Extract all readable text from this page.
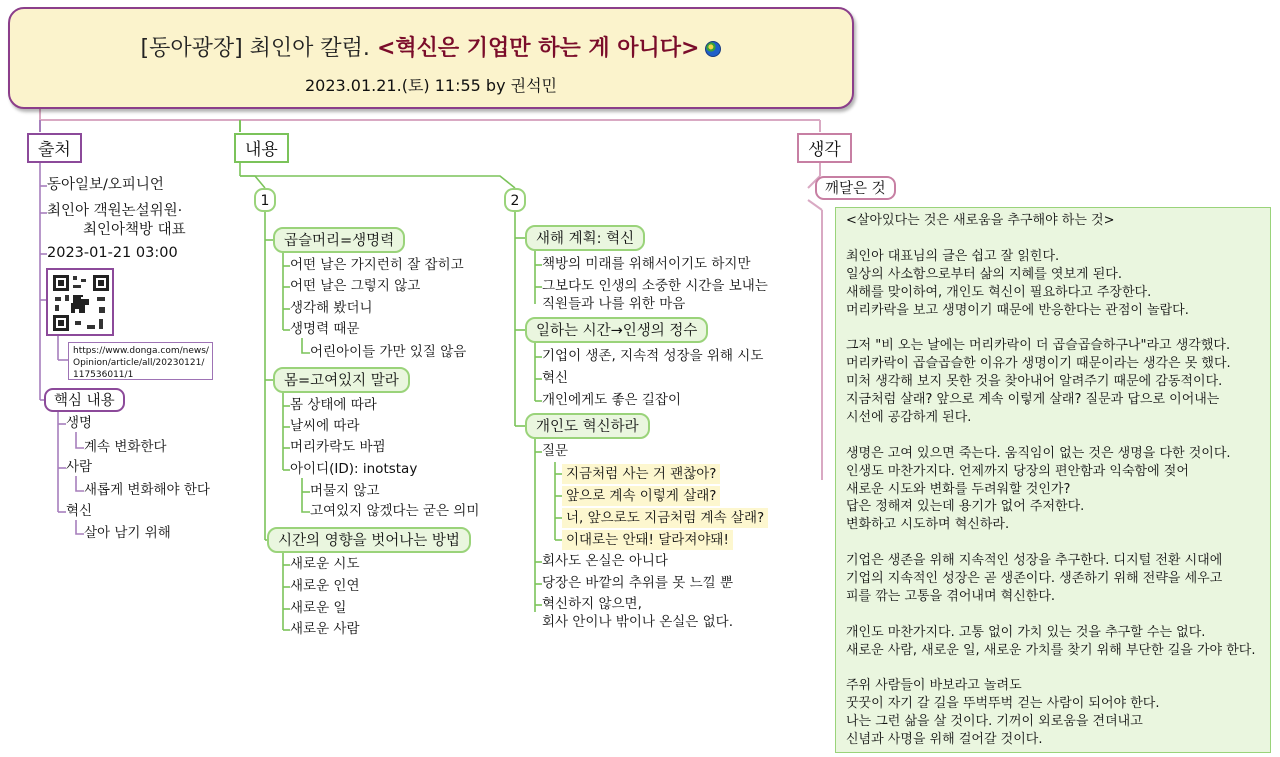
[동아광장] 최인아 칼럼. <혁신은 기업만 하는 게 아니다>
2023.01.21.(토) 11:55 by 권석민
출처	내용	생각
동아일보/오피니언
최인아 객원논설위원·
최인아책방 대표
2023-01-21 03:00
https://www.donga.com/news/
Opinion/article/all/20230121/
117536011/1
핵심 내용
생명
계속 변화한다
사람
새롭게 변화해야 한다
혁신
살아 남기 위해
1	2
곱슬머리=생명력
어떤 날은 가지런히 잘 잡히고
어떤 날은 그렇지 않고
생각해 봤더니
생명력 때문
어린아이들 가만 있질 않음
몸=고여있지 말라
몸 상태에 따라
날씨에 따라
머리카락도 바뀜
아이디(ID): inotstay
머물지 않고
고여있지 않겠다는 굳은 의미
시간의 영향을 벗어나는 방법
새로운 시도
새로운 인연
새로운 일
새로운 사람
새해 계획: 혁신
책방의 미래를 위해서이기도 하지만
그보다도 인생의 소중한 시간을 보내는
직원들과 나를 위한 마음
일하는 시간→인생의 정수
기업이 생존, 지속적 성장을 위해 시도
혁신
개인에게도 좋은 길잡이
개인도 혁신하라
질문
지금처럼 사는 거 괜찮아?
앞으로 계속 이렇게 살래?
너, 앞으로도 지금처럼 계속 살래?
이대로는 안돼! 달라져야돼!
회사도 온실은 아니다
당장은 바깥의 추위를 못 느낄 뿐
혁신하지 않으면,
회사 안이나 밖이나 온실은 없다.
깨달은 것
<살아있다는 것은 새로움을 추구해야 하는 것>
최인아 대표님의 글은 쉽고 잘 읽힌다.
일상의 사소함으로부터 삶의 지혜를 엿보게 된다.
새해를 맞이하여, 개인도 혁신이 필요하다고 주장한다.
머리카락을 보고 생명이기 때문에 반응한다는 관점이 놀랍다.
그저 "비 오는 날에는 머리카락이 더 곱슬곱슬하구나"라고 생각했다.
머리카락이 곱슬곱슬한 이유가 생명이기 때문이라는 생각은 못 했다.
미처 생각해 보지 못한 것을 찾아내어 알려주기 때문에 감동적이다.
지금처럼 살래? 앞으로 계속 이렇게 살래? 질문과 답으로 이어내는
시선에 공감하게 된다.
생명은 고여 있으면 죽는다. 움직임이 없는 것은 생명을 다한 것이다.
인생도 마찬가지다. 언제까지 당장의 편안함과 익숙함에 젖어
새로운 시도와 변화를 두려워할 것인가?
답은 정해져 있는데 용기가 없어 주저한다.
변화하고 시도하며 혁신하라.
기업은 생존을 위해 지속적인 성장을 추구한다. 디지털 전환 시대에
기업의 지속적인 성장은 곧 생존이다. 생존하기 위해 전략을 세우고
피를 깎는 고통을 겪어내며 혁신한다.
개인도 마찬가지다. 고통 없이 가치 있는 것을 추구할 수는 없다.
새로운 사람, 새로운 일, 새로운 가치를 찾기 위해 부단한 길을 가야 한다.
주위 사람들이 바보라고 놀려도
꿋꿋이 자기 갈 길을 뚜벅뚜벅 걷는 사람이 되어야 한다.
나는 그런 삶을 살 것이다. 기꺼이 외로움을 견뎌내고
신념과 사명을 위해 걸어갈 것이다.
